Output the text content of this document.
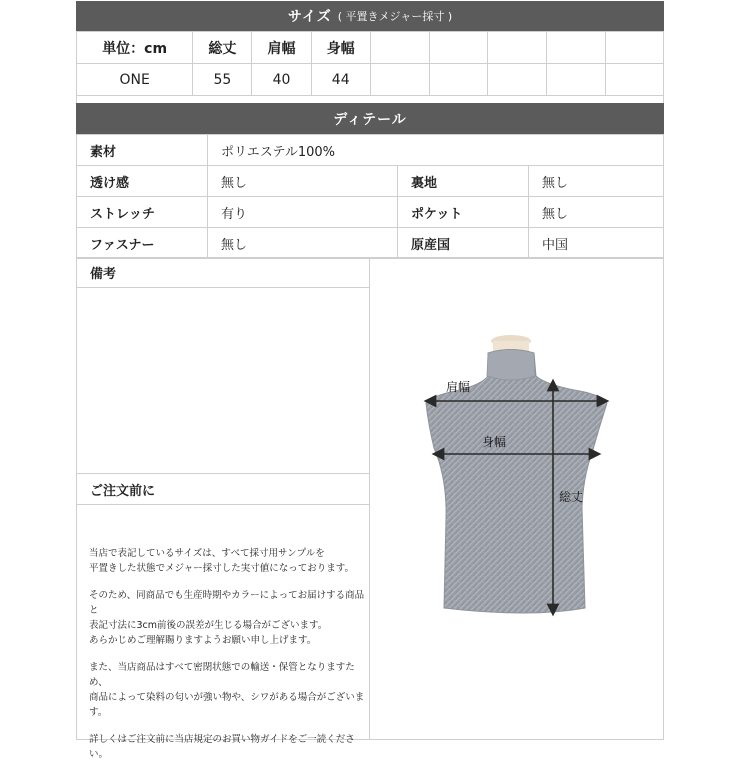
サイズ ( 平置きメジャー採寸 )
単位：cm	総丈	肩幅	身幅					
ONE	55	40	44					
ディテール
素材	ポリエステル100%		
透け感	無し	裏地	無し
ストレッチ	有り	ポケット	無し
ファスナー	無し	原産国	中国
備考
ご注文前に

当店で表記しているサイズは、すべて採寸用サンプルを
平置きした状態でメジャー採寸した実寸値になっております。

そのため、同商品でも生産時期やカラーによってお届けする商品と
表記寸法に3cm前後の誤差が生じる場合がございます。
あらかじめご理解賜りますようお願い申し上げます。

また、当店商品はすべて密閉状態での輸送・保管となりますため、
商品によって染料の匂いが強い物や、シワがある場合がございます。

詳しくはご注文前に当店規定のお買い物ガイドをご一読ください。

肩幅
身幅
総丈
